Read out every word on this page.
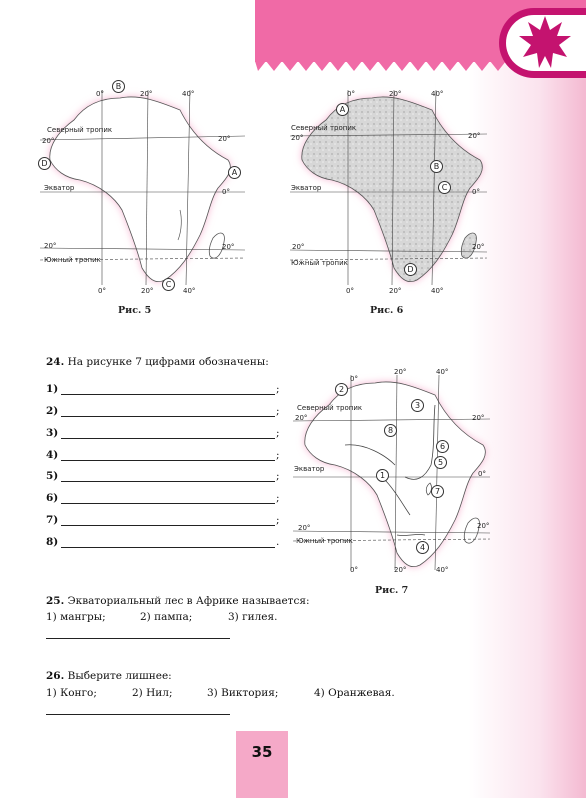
0°	20°	40°
Северный тропик
20°	20°
Экватор	0°
20°	20°
Южный тропик
0°	20°	40°
B
D
A
C
Рис. 5
0°	20°	40°
Северный тропик
20°	20°
Экватор	0°
20°	20°
Южный тропик
0°	20°	40°
A
B
C
D
Рис. 6
24. На рисунке 7 цифрами обозначены:
1)	;
2)	;
3)	;
4)	;
5)	;
6)	;
7)	;
8)	.
0°
20°	40°
Северный тропик
20°	20°
Экватор
0°
20°	20°
Южный тропик
0°	20°	40°
2
3
8
6
5
1
7
4
Рис. 7
25. Экваториальный лес в Африке называется:
1) мангры;	2) пампа;	3) гилея.
26. Выберите лишнее:
1) Конго;	2) Нил;	3) Виктория;	4) Оранжевая.
35
